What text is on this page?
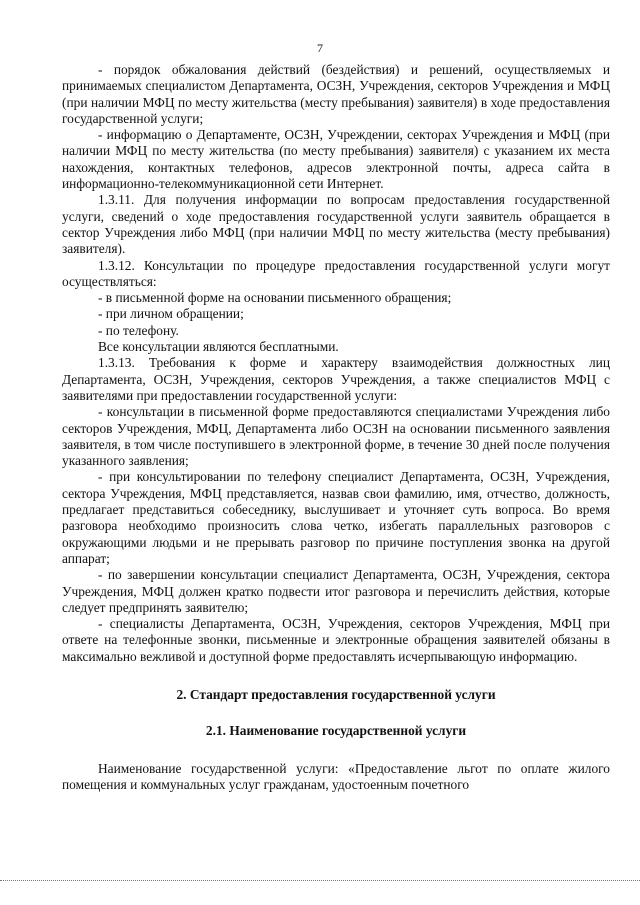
7

- порядок обжалования действий (бездействия) и решений, осуществляемых и принимаемых специалистом Департамента, ОСЗН, Учреждения, секторов Учреждения и МФЦ (при наличии МФЦ по месту жительства (месту пребывания) заявителя) в ходе предоставления государственной услуги;

- информацию о Департаменте, ОСЗН, Учреждении, секторах Учреждения и МФЦ (при наличии МФЦ по месту жительства (по месту пребывания) заявителя) с указанием их места нахождения, контактных телефонов, адресов электронной почты, адреса сайта в информационно-телекоммуникационной сети Интернет.

1.3.11. Для получения информации по вопросам предоставления государственной услуги, сведений о ходе предоставления государственной услуги заявитель обращается в сектор Учреждения либо МФЦ (при наличии МФЦ по месту жительства (месту пребывания) заявителя).

1.3.12. Консультации по процедуре предоставления государственной услуги могут осуществляться:

- в письменной форме на основании письменного обращения;

- при личном обращении;

- по телефону.

Все консультации являются бесплатными.

1.3.13. Требования к форме и характеру взаимодействия должностных лиц Департамента, ОСЗН, Учреждения, секторов Учреждения, а также специалистов МФЦ с заявителями при предоставлении государственной услуги:

- консультации в письменной форме предоставляются специалистами Учреждения либо секторов Учреждения, МФЦ, Департамента либо ОСЗН на основании письменного заявления заявителя, в том числе поступившего в электронной форме, в течение 30 дней после получения указанного заявления;

- при консультировании по телефону специалист Департамента, ОСЗН, Учреждения, сектора Учреждения, МФЦ представляется, назвав свои фамилию, имя, отчество, должность, предлагает представиться собеседнику, выслушивает и уточняет суть вопроса. Во время разговора необходимо произносить слова четко, избегать параллельных разговоров с окружающими людьми и не прерывать разговор по причине поступления звонка на другой аппарат;

- по завершении консультации специалист Департамента, ОСЗН, Учреждения, сектора Учреждения, МФЦ должен кратко подвести итог разговора и перечислить действия, которые следует предпринять заявителю;

- специалисты Департамента, ОСЗН, Учреждения, секторов Учреждения, МФЦ при ответе на телефонные звонки, письменные и электронные обращения заявителей обязаны в максимально вежливой и доступной форме предоставлять исчерпывающую информацию.

2. Стандарт предоставления государственной услуги
2.1. Наименование государственной услуги

Наименование государственной услуги: «Предоставление льгот по оплате жилого помещения и коммунальных услуг гражданам, удостоенным почетного
